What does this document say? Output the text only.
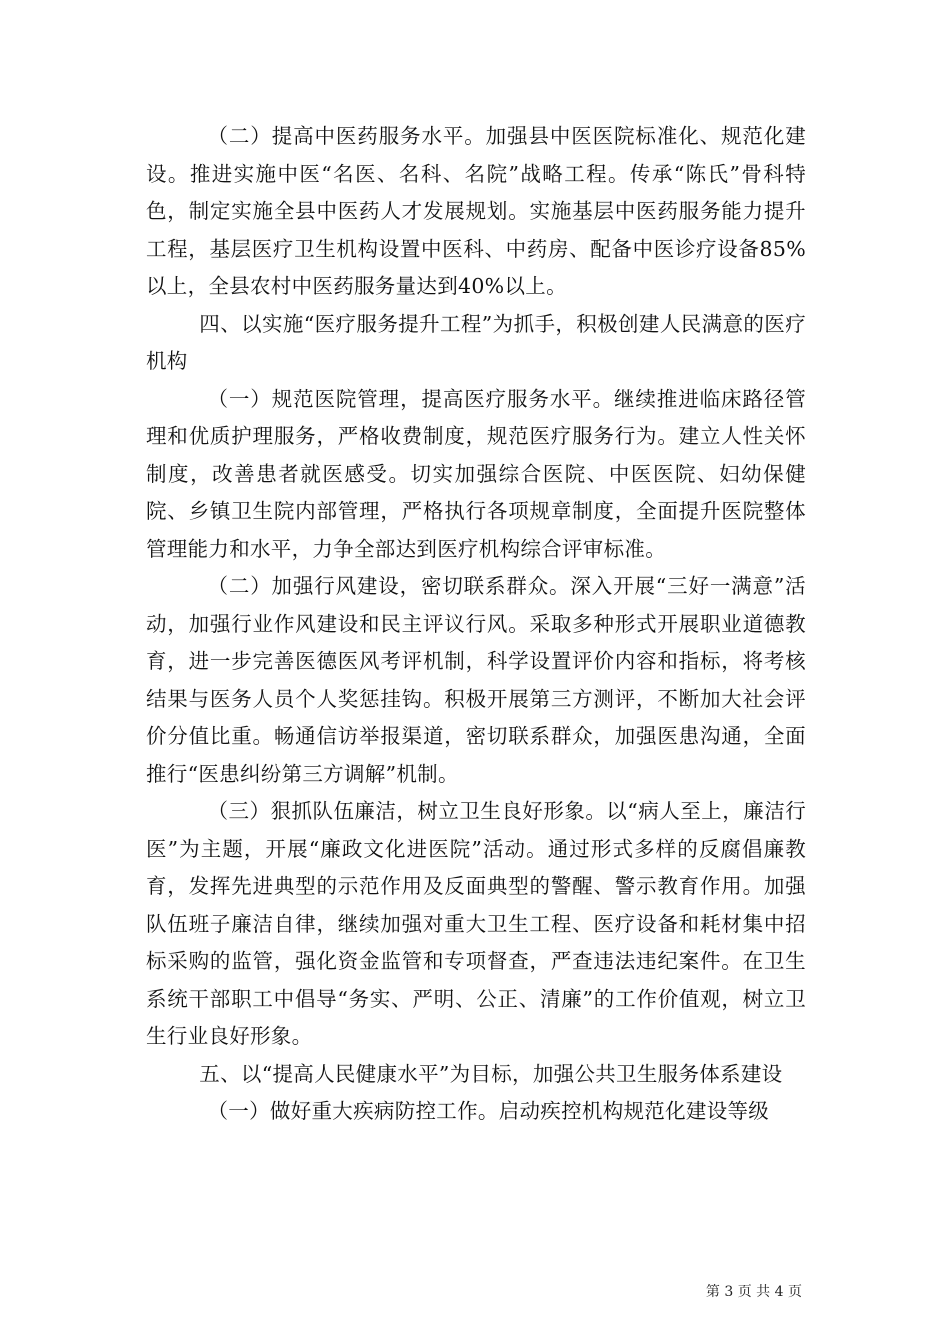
（二）提高中医药服务水平。加强县中医医院标准化、规范化建设。推进实施中医“名医、名科、名院”战略工程。传承“陈氏”骨科特色，制定实施全县中医药人才发展规划。实施基层中医药服务能力提升工程，基层医疗卫生机构设置中医科、中药房、配备中医诊疗设备85%以上，全县农村中医药服务量达到40%以上。

四、以实施“医疗服务提升工程”为抓手，积极创建人民满意的医疗机构

（一）规范医院管理，提高医疗服务水平。继续推进临床路径管理和优质护理服务，严格收费制度，规范医疗服务行为。建立人性关怀制度，改善患者就医感受。切实加强综合医院、中医医院、妇幼保健院、乡镇卫生院内部管理，严格执行各项规章制度，全面提升医院整体管理能力和水平，力争全部达到医疗机构综合评审标准。

（二）加强行风建设，密切联系群众。深入开展“三好一满意”活动，加强行业作风建设和民主评议行风。采取多种形式开展职业道德教育，进一步完善医德医风考评机制，科学设置评价内容和指标，将考核结果与医务人员个人奖惩挂钩。积极开展第三方测评，不断加大社会评价分值比重。畅通信访举报渠道，密切联系群众，加强医患沟通，全面推行“医患纠纷第三方调解”机制。

（三）狠抓队伍廉洁，树立卫生良好形象。以“病人至上，廉洁行医”为主题，开展“廉政文化进医院”活动。通过形式多样的反腐倡廉教育，发挥先进典型的示范作用及反面典型的警醒、警示教育作用。加强队伍班子廉洁自律，继续加强对重大卫生工程、医疗设备和耗材集中招标采购的监管，强化资金监管和专项督查，严查违法违纪案件。在卫生系统干部职工中倡导“务实、严明、公正、清廉”的工作价值观，树立卫生行业良好形象。

五、以“提高人民健康水平”为目标，加强公共卫生服务体系建设

（一）做好重大疾病防控工作。启动疾控机构规范化建设等级

第 3 页 共 4 页
